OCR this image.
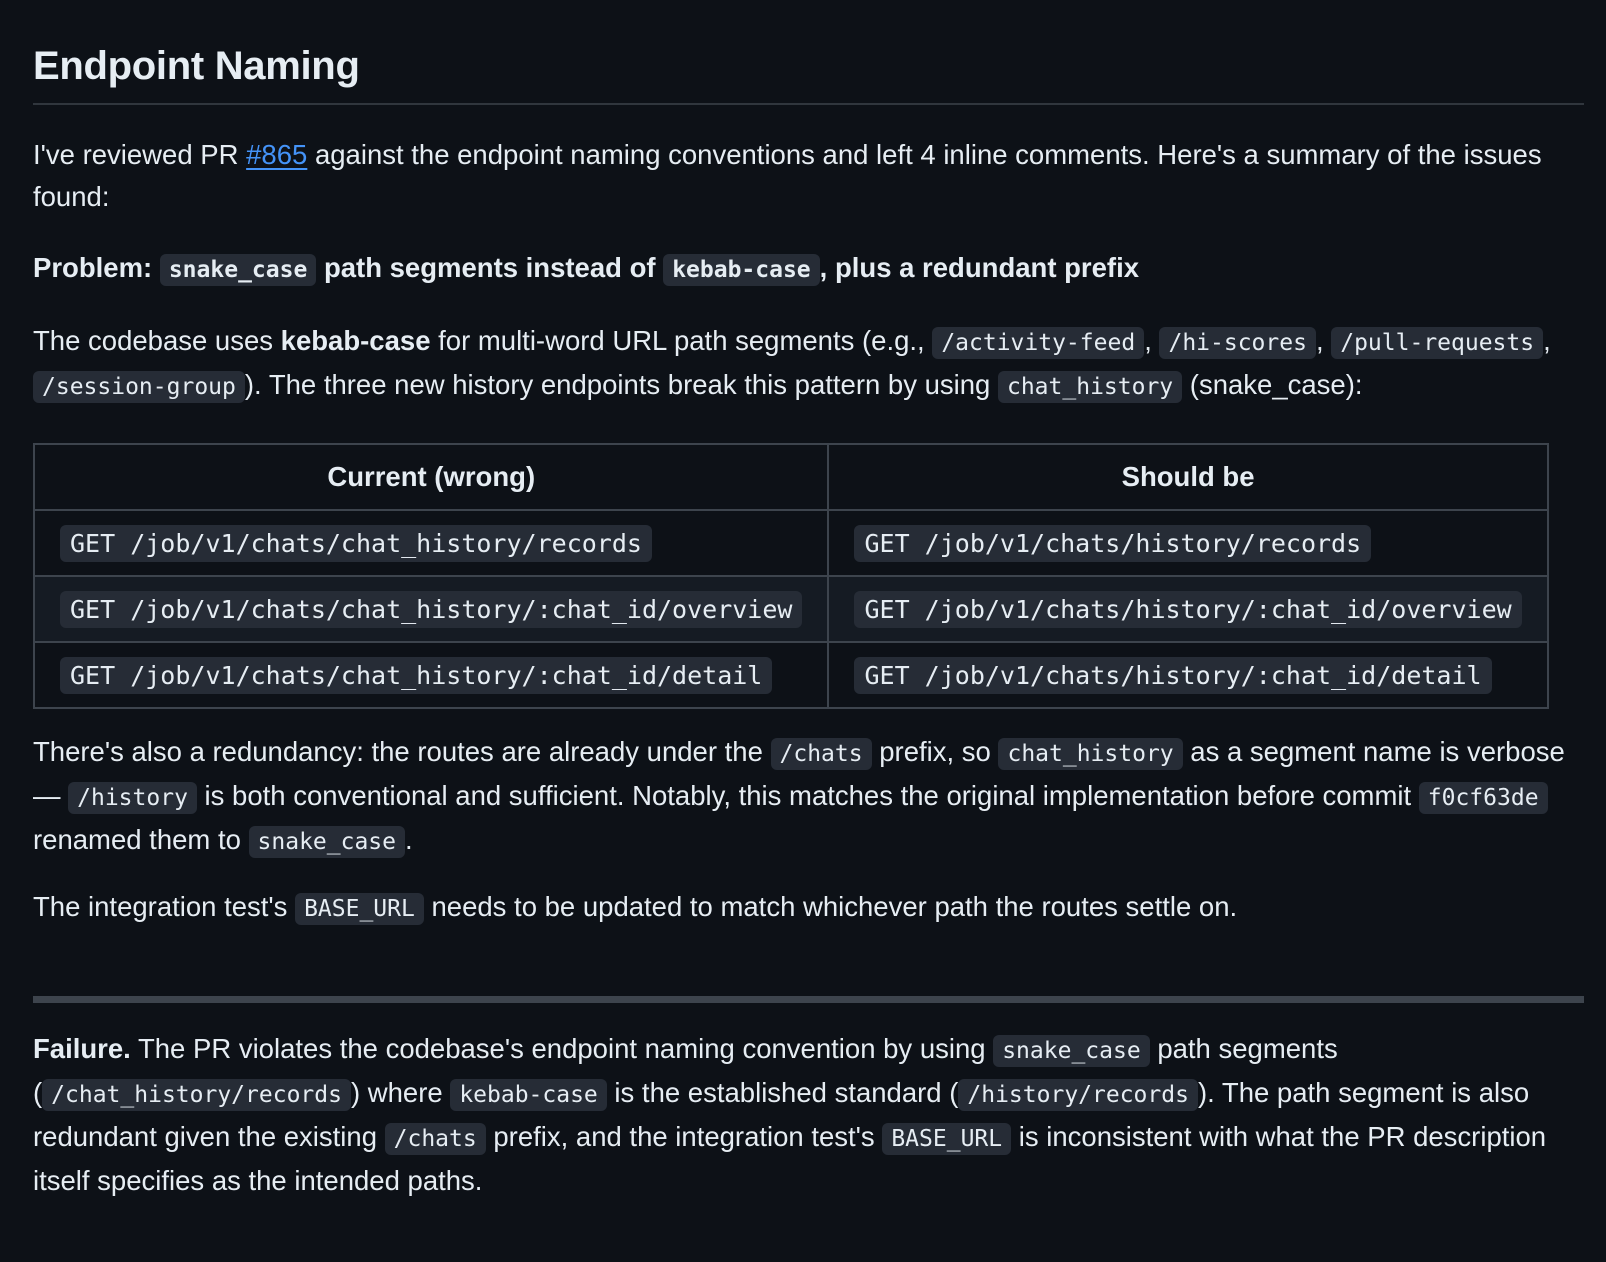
Endpoint Naming

I've reviewed PR #865 against the endpoint naming conventions and left 4 inline comments. Here's a summary of the issues found:

Problem: snake_case path segments instead of kebab-case , plus a redundant prefix

The codebase uses kebab-case for multi-word URL path segments (e.g., /activity-feed , /hi-scores , /pull-requests , /session-group ). The three new history endpoints break this pattern by using chat_history (snake_case):

Current (wrong)	Should be
GET /job/v1/chats/chat_history/records	GET /job/v1/chats/history/records
GET /job/v1/chats/chat_history/:chat_id/overview	GET /job/v1/chats/history/:chat_id/overview
GET /job/v1/chats/chat_history/:chat_id/detail	GET /job/v1/chats/history/:chat_id/detail

There's also a redundancy: the routes are already under the /chats prefix, so chat_history as a segment name is verbose — /history is both conventional and sufficient. Notably, this matches the original implementation before commit f0cf63de renamed them to snake_case .

The integration test's BASE_URL needs to be updated to match whichever path the routes settle on.

Failure. The PR violates the codebase's endpoint naming convention by using snake_case path segments ( /chat_history/records ) where kebab-case is the established standard ( /history/records ). The path segment is also redundant given the existing /chats prefix, and the integration test's BASE_URL is inconsistent with what the PR description itself specifies as the intended paths.
